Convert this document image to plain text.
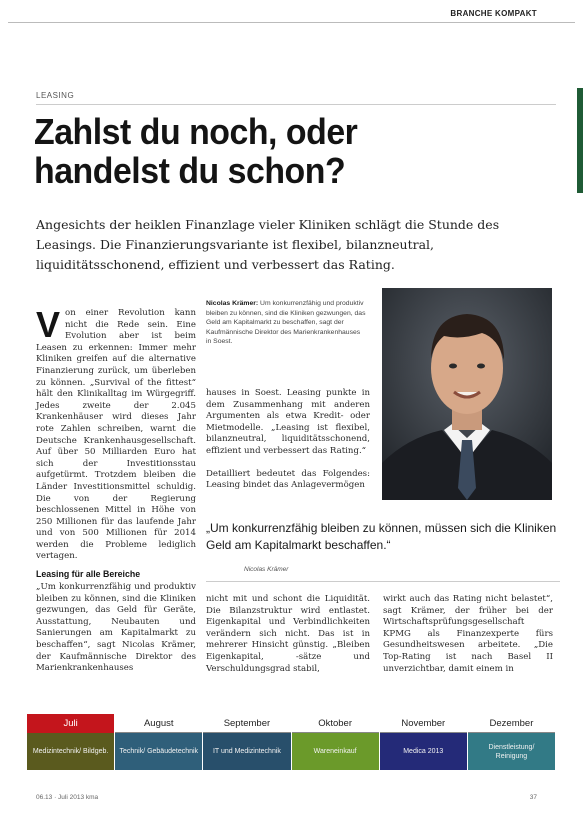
BRANCHE KOMPAKT
LEASING
Zahlst du noch, oder
handelst du schon?

Angesichts der heiklen Finanzlage vieler Kliniken schlägt die Stunde des Leasings. Die Finanzierungsvariante ist flexibel, bilanzneutral, liquiditätsschonend, effizient und verbessert das Rating.

V on einer Revolution kann nicht die Rede sein. Eine Evolution aber ist beim Leasen zu erkennen: Immer mehr Kliniken greifen auf die alternative Finanzierung zurück, um überleben zu können. „Survival of the fittest“ hält den Klinikalltag im Würgegriff. Jedes zweite der 2.045 Krankenhäuser wird dieses Jahr rote Zahlen schreiben, warnt die Deutsche Krankenhausgesellschaft. Auf über 50 Milliarden Euro hat sich der Investitionsstau aufgetürmt. Trotzdem bleiben die Länder Investitionsmittel schuldig. Die von der Regierung beschlossenen Mittel in Höhe von 250 Millionen für das laufende Jahr und von 500 Millionen für 2014 werden die Probleme lediglich vertagen.

Leasing für alle Bereiche

„Um konkurrenzfähig und produktiv bleiben zu können, sind die Kliniken gezwungen, das Geld für Geräte, Ausstattung, Neubauten und Sanierungen am Kapitalmarkt zu beschaffen“, sagt Nicolas Krämer, der Kaufmännische Direktor des Marienkrankenhauses

Nicolas Krämer: Um konkurrenzfähig und produktiv bleiben zu können, sind die Kliniken gezwungen, das Geld am Kapitalmarkt zu beschaffen, sagt der Kaufmännische Direktor des Marienkrankenhauses in Soest.

hauses in Soest. Leasing punkte in dem Zusammenhang mit anderen Argumenten als etwa Kredit- oder Mietmodelle. „Leasing ist flexibel, bilanzneutral, liquiditätsschonend, effizient und verbessert das Rating.“

Detailliert bedeutet das Folgendes: Leasing bindet das Anlagevermögen

„Um konkurrenzfähig bleiben zu können, müssen sich die Kliniken Geld am Kapitalmarkt beschaffen.“
Nicolas Krämer

nicht mit und schont die Liquidität. Die Bilanzstruktur wird entlastet. Eigenkapital und Verbindlichkeiten verändern sich nicht. Das ist in mehrerer Hinsicht günstig. „Bleiben Eigenkapital, -sätze und Verschuldungsgrad stabil,

wirkt auch das Rating nicht belastet“, sagt Krämer, der früher bei der Wirtschaftsprüfungsgesellschaft KPMG als Finanzexperte fürs Gesundheitswesen arbeitete. „Die Top-Rating ist nach Basel II unverzichtbar, damit einem in

Juli
Medizintechnik/ Bildgeb.
August
Technik/ Gebäudetechnik
September
IT und Medizintechnik
Oktober
Wareneinkauf
November
Medica 2013
Dezember
Dienstleistung/ Reinigung
06.13 · Juli 2013 kma	37
